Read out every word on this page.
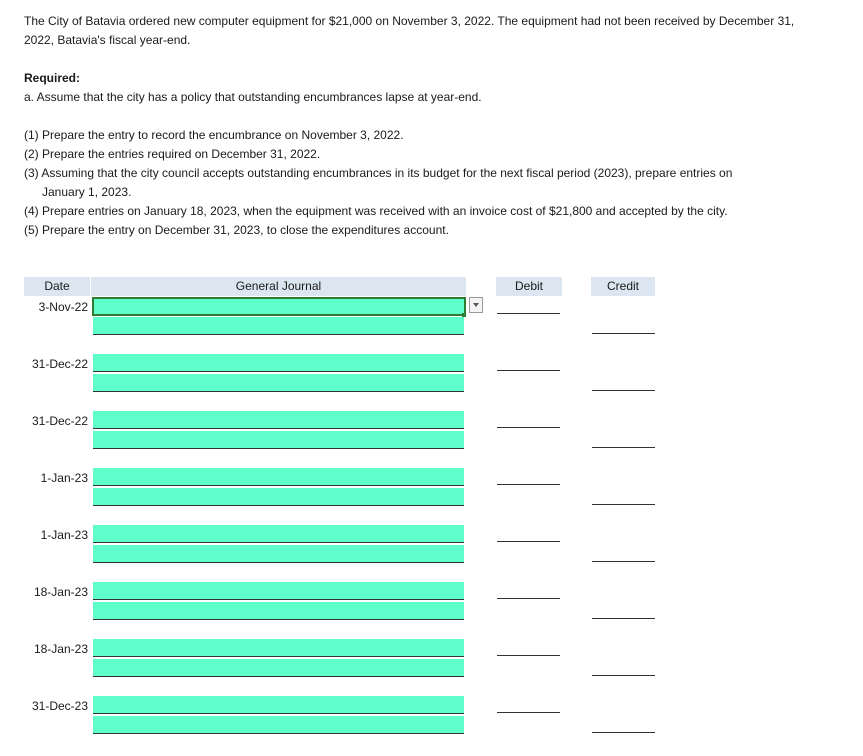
The City of Batavia ordered new computer equipment for $21,000 on November 3, 2022. The equipment had not been received by December 31, 2022, Batavia's fiscal year-end.
Required:
a. Assume that the city has a policy that outstanding encumbrances lapse at year-end.
(1) Prepare the entry to record the encumbrance on November 3, 2022.
(2) Prepare the entries required on December 31, 2022.
(3) Assuming that the city council accepts outstanding encumbrances in its budget for the next fiscal period (2023), prepare entries on
January 1, 2023.
(4) Prepare entries on January 18, 2023, when the equipment was received with an invoice cost of $21,800 and accepted by the city.
(5) Prepare the entry on December 31, 2023, to close the expenditures account.
Date	General Journal	Debit	Credit
3-Nov-22
31-Dec-22
31-Dec-22
1-Jan-23
1-Jan-23
18-Jan-23
18-Jan-23
31-Dec-23
